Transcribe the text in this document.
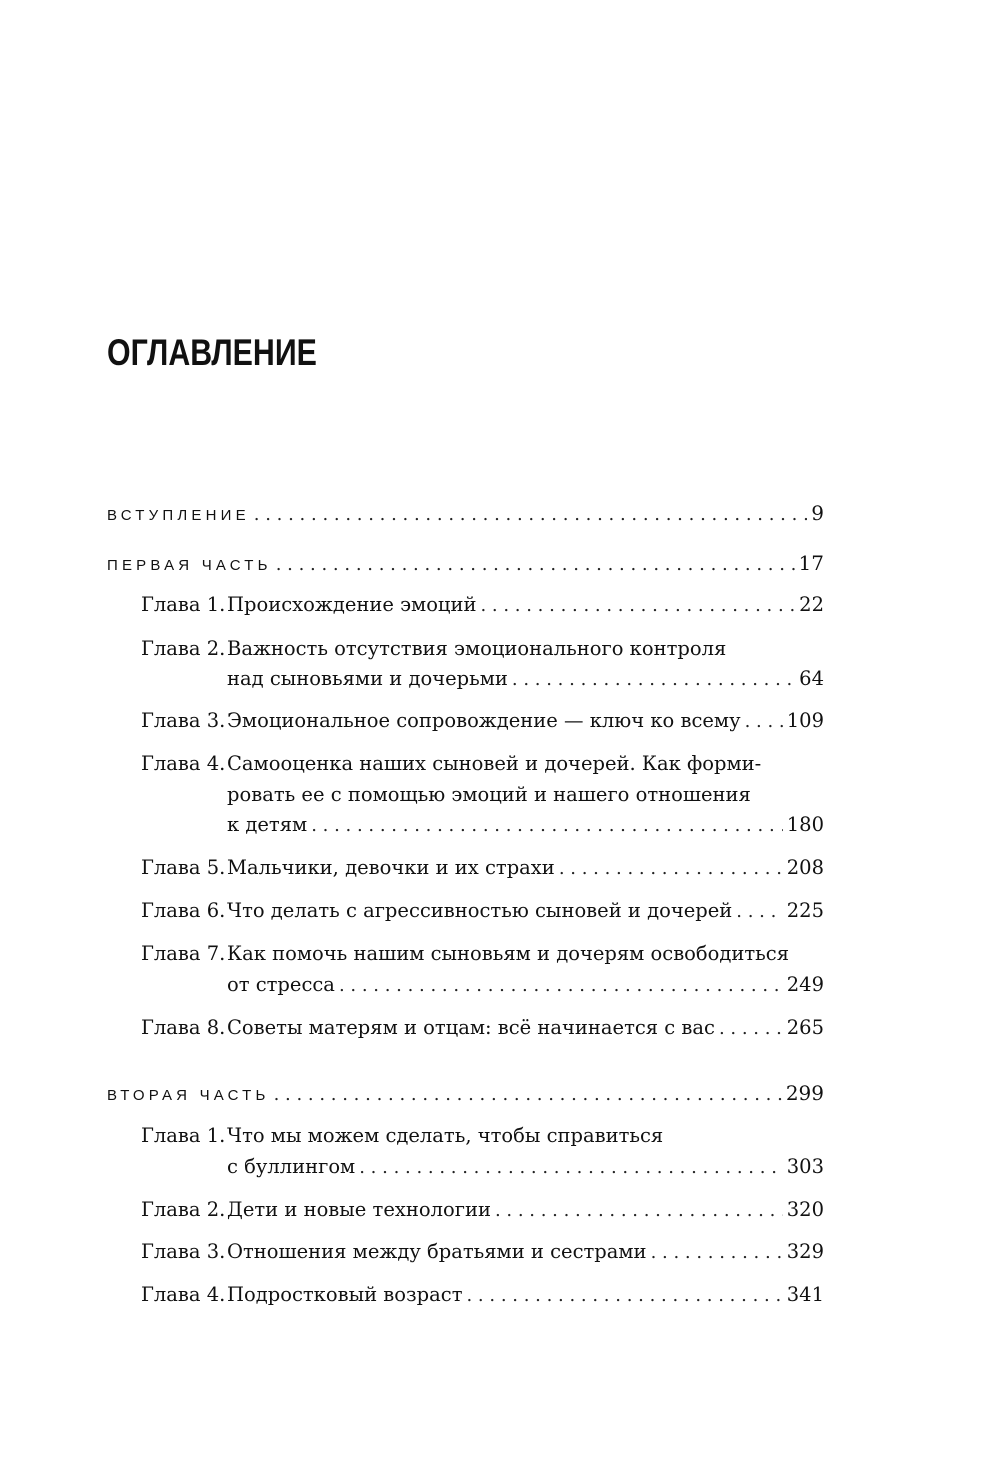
ОГЛАВЛЕНИЕ
ВСТУПЛЕНИЕ . . .	9
ПЕРВАЯ ЧАСТЬ . . .	17
Глава 1.Происхождение эмоций . . .	22
Глава 2.Важность отсутствия эмоционального контроля
над сыновьями и дочерьми . . .	64
Глава 3.Эмоциональное сопровождение — ключ ко всему . . . 109
Глава 4.Самооценка наших сыновей и дочерей. Как форми-
ровать ее с помощью эмоций и нашего отношения
к детям . . .	180
Глава 5.Мальчики, девочки и их страхи . . .	208
Глава 6.Что делать с агрессивностью сыновей и дочерей . . .	225
Глава 7.Как помочь нашим сыновьям и дочерям освободиться
от стресса . . .	249
Глава 8.Советы матерям и отцам: всё начинается с вас . . .	265
ВТОРАЯ ЧАСТЬ . . .	299
Глава 1.Что мы можем сделать, чтобы справиться
с буллингом . . .	303
Глава 2.Дети и новые технологии . . .	320
Глава 3.Отношения между братьями и сестрами . . .	329
Глава 4.Подростковый возраст . . .	341
